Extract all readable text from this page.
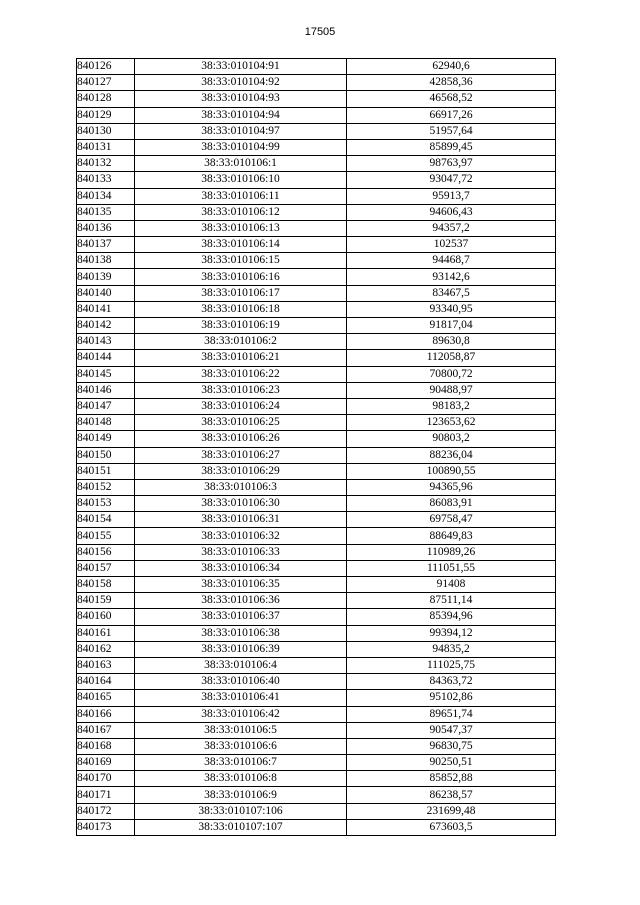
17505
840126	38:33:010104:91	62940,6
840127	38:33:010104:92	42858,36
840128	38:33:010104:93	46568,52
840129	38:33:010104:94	66917,26
840130	38:33:010104:97	51957,64
840131	38:33:010104:99	85899,45
840132	38:33:010106:1	98763,97
840133	38:33:010106:10	93047,72
840134	38:33:010106:11	95913,7
840135	38:33:010106:12	94606,43
840136	38:33:010106:13	94357,2
840137	38:33:010106:14	102537
840138	38:33:010106:15	94468,7
840139	38:33:010106:16	93142,6
840140	38:33:010106:17	83467,5
840141	38:33:010106:18	93340,95
840142	38:33:010106:19	91817,04
840143	38:33:010106:2	89630,8
840144	38:33:010106:21	112058,87
840145	38:33:010106:22	70800,72
840146	38:33:010106:23	90488,97
840147	38:33:010106:24	98183,2
840148	38:33:010106:25	123653,62
840149	38:33:010106:26	90803,2
840150	38:33:010106:27	88236,04
840151	38:33:010106:29	100890,55
840152	38:33:010106:3	94365,96
840153	38:33:010106:30	86083,91
840154	38:33:010106:31	69758,47
840155	38:33:010106:32	88649,83
840156	38:33:010106:33	110989,26
840157	38:33:010106:34	111051,55
840158	38:33:010106:35	91408
840159	38:33:010106:36	87511,14
840160	38:33:010106:37	85394,96
840161	38:33:010106:38	99394,12
840162	38:33:010106:39	94835,2
840163	38:33:010106:4	111025,75
840164	38:33:010106:40	84363,72
840165	38:33:010106:41	95102,86
840166	38:33:010106:42	89651,74
840167	38:33:010106:5	90547,37
840168	38:33:010106:6	96830,75
840169	38:33:010106:7	90250,51
840170	38:33:010106:8	85852,88
840171	38:33:010106:9	86238,57
840172	38:33:010107:106	231699,48
840173	38:33:010107:107	673603,5
